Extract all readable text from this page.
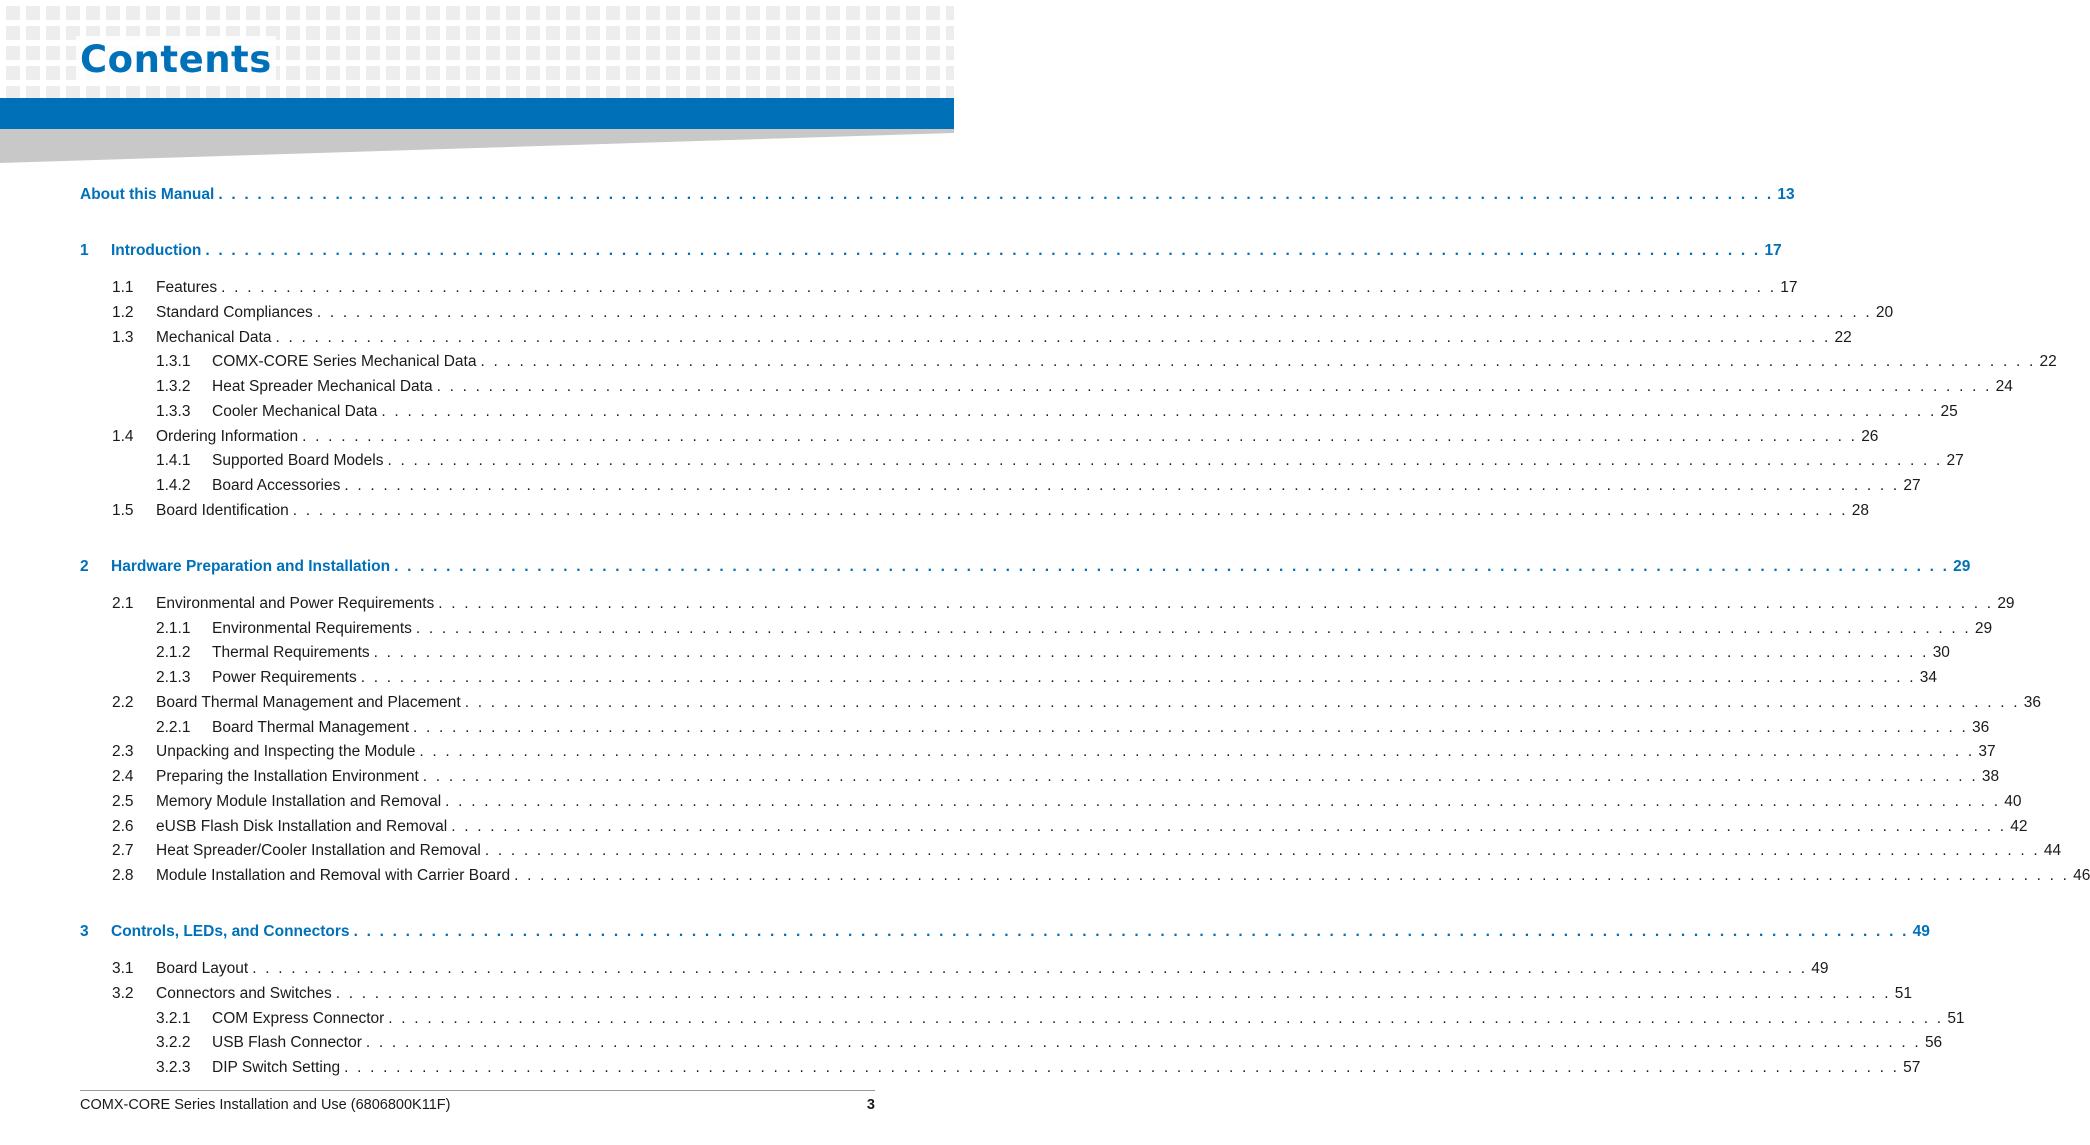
Contents
About this Manual . . . . . . . . . . . . . . . . . . . . . . . . . . . . . . . . . . . . . . . . . . . . . . . . . . . . . . . . . . . . . . . . . . . . . . . . . . . . . . . . . . . . . . . . . . . . . . . . . . . . . . . . . . . . . . . . . . . . . . . . 13
1	Introduction . . . . . . . . . . . . . . . . . . . . . . . . . . . . . . . . . . . . . . . . . . . . . . . . . . . . . . . . . . . . . . . . . . . . . . . . . . . . . . . . . . . . . . . . . . . . . . . . . . . . . . . . . . . . . . . . . . . . . . . . 17
1.1	Features . . . . . . . . . . . . . . . . . . . . . . . . . . . . . . . . . . . . . . . . . . . . . . . . . . . . . . . . . . . . . . . . . . . . . . . . . . . . . . . . . . . . . . . . . . . . . . . . . . . . . . . . . . . . . . . . . . . . . . . . 17
1.2	Standard Compliances . . . . . . . . . . . . . . . . . . . . . . . . . . . . . . . . . . . . . . . . . . . . . . . . . . . . . . . . . . . . . . . . . . . . . . . . . . . . . . . . . . . . . . . . . . . . . . . . . . . . . . . . . . . . . . . . . . . . . . . . 20
1.3	Mechanical Data . . . . . . . . . . . . . . . . . . . . . . . . . . . . . . . . . . . . . . . . . . . . . . . . . . . . . . . . . . . . . . . . . . . . . . . . . . . . . . . . . . . . . . . . . . . . . . . . . . . . . . . . . . . . . . . . . . . . . . . . 22
1.3.1	COMX-CORE Series Mechanical Data . . . . . . . . . . . . . . . . . . . . . . . . . . . . . . . . . . . . . . . . . . . . . . . . . . . . . . . . . . . . . . . . . . . . . . . . . . . . . . . . . . . . . . . . . . . . . . . . . . . . . . . . . . . . . . . . . . . . . . . . 22
1.3.2	Heat Spreader Mechanical Data . . . . . . . . . . . . . . . . . . . . . . . . . . . . . . . . . . . . . . . . . . . . . . . . . . . . . . . . . . . . . . . . . . . . . . . . . . . . . . . . . . . . . . . . . . . . . . . . . . . . . . . . . . . . . . . . . . . . . . . . 24
1.3.3	Cooler Mechanical Data . . . . . . . . . . . . . . . . . . . . . . . . . . . . . . . . . . . . . . . . . . . . . . . . . . . . . . . . . . . . . . . . . . . . . . . . . . . . . . . . . . . . . . . . . . . . . . . . . . . . . . . . . . . . . . . . . . . . . . . . 25
1.4	Ordering Information . . . . . . . . . . . . . . . . . . . . . . . . . . . . . . . . . . . . . . . . . . . . . . . . . . . . . . . . . . . . . . . . . . . . . . . . . . . . . . . . . . . . . . . . . . . . . . . . . . . . . . . . . . . . . . . . . . . . . . . . 26
1.4.1	Supported Board Models . . . . . . . . . . . . . . . . . . . . . . . . . . . . . . . . . . . . . . . . . . . . . . . . . . . . . . . . . . . . . . . . . . . . . . . . . . . . . . . . . . . . . . . . . . . . . . . . . . . . . . . . . . . . . . . . . . . . . . . . 27
1.4.2	Board Accessories . . . . . . . . . . . . . . . . . . . . . . . . . . . . . . . . . . . . . . . . . . . . . . . . . . . . . . . . . . . . . . . . . . . . . . . . . . . . . . . . . . . . . . . . . . . . . . . . . . . . . . . . . . . . . . . . . . . . . . . . 27
1.5	Board Identification . . . . . . . . . . . . . . . . . . . . . . . . . . . . . . . . . . . . . . . . . . . . . . . . . . . . . . . . . . . . . . . . . . . . . . . . . . . . . . . . . . . . . . . . . . . . . . . . . . . . . . . . . . . . . . . . . . . . . . . . 28
2	Hardware Preparation and Installation . . . . . . . . . . . . . . . . . . . . . . . . . . . . . . . . . . . . . . . . . . . . . . . . . . . . . . . . . . . . . . . . . . . . . . . . . . . . . . . . . . . . . . . . . . . . . . . . . . . . . . . . . . . . . . . . . . . . . . . . 29
2.1	Environmental and Power Requirements . . . . . . . . . . . . . . . . . . . . . . . . . . . . . . . . . . . . . . . . . . . . . . . . . . . . . . . . . . . . . . . . . . . . . . . . . . . . . . . . . . . . . . . . . . . . . . . . . . . . . . . . . . . . . . . . . . . . . . . . 29
2.1.1	Environmental Requirements . . . . . . . . . . . . . . . . . . . . . . . . . . . . . . . . . . . . . . . . . . . . . . . . . . . . . . . . . . . . . . . . . . . . . . . . . . . . . . . . . . . . . . . . . . . . . . . . . . . . . . . . . . . . . . . . . . . . . . . . 29
2.1.2	Thermal Requirements . . . . . . . . . . . . . . . . . . . . . . . . . . . . . . . . . . . . . . . . . . . . . . . . . . . . . . . . . . . . . . . . . . . . . . . . . . . . . . . . . . . . . . . . . . . . . . . . . . . . . . . . . . . . . . . . . . . . . . . . 30
2.1.3	Power Requirements . . . . . . . . . . . . . . . . . . . . . . . . . . . . . . . . . . . . . . . . . . . . . . . . . . . . . . . . . . . . . . . . . . . . . . . . . . . . . . . . . . . . . . . . . . . . . . . . . . . . . . . . . . . . . . . . . . . . . . . . 34
2.2	Board Thermal Management and Placement . . . . . . . . . . . . . . . . . . . . . . . . . . . . . . . . . . . . . . . . . . . . . . . . . . . . . . . . . . . . . . . . . . . . . . . . . . . . . . . . . . . . . . . . . . . . . . . . . . . . . . . . . . . . . . . . . . . . . . . . 36
2.2.1	Board Thermal Management . . . . . . . . . . . . . . . . . . . . . . . . . . . . . . . . . . . . . . . . . . . . . . . . . . . . . . . . . . . . . . . . . . . . . . . . . . . . . . . . . . . . . . . . . . . . . . . . . . . . . . . . . . . . . . . . . . . . . . . . 36
2.3	Unpacking and Inspecting the Module . . . . . . . . . . . . . . . . . . . . . . . . . . . . . . . . . . . . . . . . . . . . . . . . . . . . . . . . . . . . . . . . . . . . . . . . . . . . . . . . . . . . . . . . . . . . . . . . . . . . . . . . . . . . . . . . . . . . . . . . 37
2.4	Preparing the Installation Environment . . . . . . . . . . . . . . . . . . . . . . . . . . . . . . . . . . . . . . . . . . . . . . . . . . . . . . . . . . . . . . . . . . . . . . . . . . . . . . . . . . . . . . . . . . . . . . . . . . . . . . . . . . . . . . . . . . . . . . . . 38
2.5	Memory Module Installation and Removal . . . . . . . . . . . . . . . . . . . . . . . . . . . . . . . . . . . . . . . . . . . . . . . . . . . . . . . . . . . . . . . . . . . . . . . . . . . . . . . . . . . . . . . . . . . . . . . . . . . . . . . . . . . . . . . . . . . . . . . . 40
2.6	eUSB Flash Disk Installation and Removal . . . . . . . . . . . . . . . . . . . . . . . . . . . . . . . . . . . . . . . . . . . . . . . . . . . . . . . . . . . . . . . . . . . . . . . . . . . . . . . . . . . . . . . . . . . . . . . . . . . . . . . . . . . . . . . . . . . . . . . . 42
2.7	Heat Spreader/Cooler Installation and Removal . . . . . . . . . . . . . . . . . . . . . . . . . . . . . . . . . . . . . . . . . . . . . . . . . . . . . . . . . . . . . . . . . . . . . . . . . . . . . . . . . . . . . . . . . . . . . . . . . . . . . . . . . . . . . . . . . . . . . . . . 44
2.8	Module Installation and Removal with Carrier Board . . . . . . . . . . . . . . . . . . . . . . . . . . . . . . . . . . . . . . . . . . . . . . . . . . . . . . . . . . . . . . . . . . . . . . . . . . . . . . . . . . . . . . . . . . . . . . . . . . . . . . . . . . . . . . . . . . . . . . . . 46
3	Controls, LEDs, and Connectors . . . . . . . . . . . . . . . . . . . . . . . . . . . . . . . . . . . . . . . . . . . . . . . . . . . . . . . . . . . . . . . . . . . . . . . . . . . . . . . . . . . . . . . . . . . . . . . . . . . . . . . . . . . . . . . . . . . . . . . . 49
3.1	Board Layout . . . . . . . . . . . . . . . . . . . . . . . . . . . . . . . . . . . . . . . . . . . . . . . . . . . . . . . . . . . . . . . . . . . . . . . . . . . . . . . . . . . . . . . . . . . . . . . . . . . . . . . . . . . . . . . . . . . . . . . . 49
3.2	Connectors and Switches . . . . . . . . . . . . . . . . . . . . . . . . . . . . . . . . . . . . . . . . . . . . . . . . . . . . . . . . . . . . . . . . . . . . . . . . . . . . . . . . . . . . . . . . . . . . . . . . . . . . . . . . . . . . . . . . . . . . . . . . 51
3.2.1	COM Express Connector . . . . . . . . . . . . . . . . . . . . . . . . . . . . . . . . . . . . . . . . . . . . . . . . . . . . . . . . . . . . . . . . . . . . . . . . . . . . . . . . . . . . . . . . . . . . . . . . . . . . . . . . . . . . . . . . . . . . . . . . 51
3.2.2	USB Flash Connector . . . . . . . . . . . . . . . . . . . . . . . . . . . . . . . . . . . . . . . . . . . . . . . . . . . . . . . . . . . . . . . . . . . . . . . . . . . . . . . . . . . . . . . . . . . . . . . . . . . . . . . . . . . . . . . . . . . . . . . . 56
3.2.3	DIP Switch Setting . . . . . . . . . . . . . . . . . . . . . . . . . . . . . . . . . . . . . . . . . . . . . . . . . . . . . . . . . . . . . . . . . . . . . . . . . . . . . . . . . . . . . . . . . . . . . . . . . . . . . . . . . . . . . . . . . . . . . . . . 57
COMX-CORE Series Installation and Use (6806800K11F)	3
